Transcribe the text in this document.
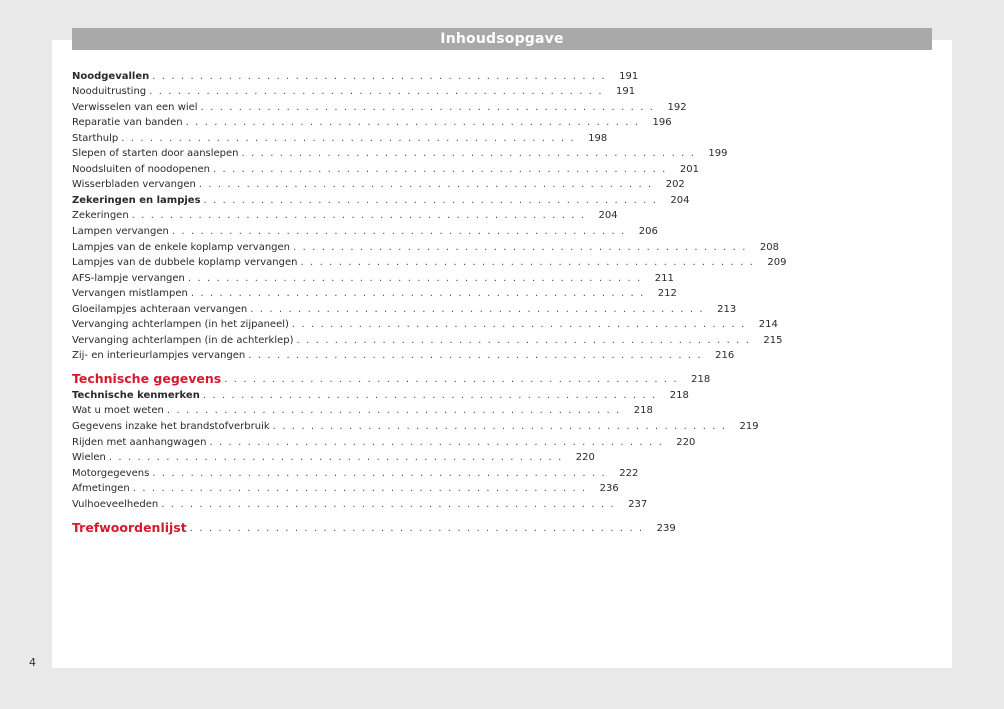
Inhoudsopgave
Noodgevallen . . . . . . . . . . . . . . . . . . . . . . . . . . . . . . . . . . . . . . . . . . . . . . . .	191
Nooduitrusting . . . . . . . . . . . . . . . . . . . . . . . . . . . . . . . . . . . . . . . . . . . . . . . .	191
Verwisselen van een wiel . . . . . . . . . . . . . . . . . . . . . . . . . . . . . . . . . . . . . . . . . . . . . . . .	192
Reparatie van banden . . . . . . . . . . . . . . . . . . . . . . . . . . . . . . . . . . . . . . . . . . . . . . . .	196
Starthulp . . . . . . . . . . . . . . . . . . . . . . . . . . . . . . . . . . . . . . . . . . . . . . . .	198
Slepen of starten door aanslepen . . . . . . . . . . . . . . . . . . . . . . . . . . . . . . . . . . . . . . . . . . . . . . . .	199
Noodsluiten of noodopenen . . . . . . . . . . . . . . . . . . . . . . . . . . . . . . . . . . . . . . . . . . . . . . . .	201
Wisserbladen vervangen . . . . . . . . . . . . . . . . . . . . . . . . . . . . . . . . . . . . . . . . . . . . . . . .	202
Zekeringen en lampjes . . . . . . . . . . . . . . . . . . . . . . . . . . . . . . . . . . . . . . . . . . . . . . . .	204
Zekeringen . . . . . . . . . . . . . . . . . . . . . . . . . . . . . . . . . . . . . . . . . . . . . . . .	204
Lampen vervangen . . . . . . . . . . . . . . . . . . . . . . . . . . . . . . . . . . . . . . . . . . . . . . . .	206
Lampjes van de enkele koplamp vervangen . . . . . . . . . . . . . . . . . . . . . . . . . . . . . . . . . . . . . . . . . . . . . . . .	208
Lampjes van de dubbele koplamp vervangen . . . . . . . . . . . . . . . . . . . . . . . . . . . . . . . . . . . . . . . . . . . . . . . .	209
AFS-lampje vervangen . . . . . . . . . . . . . . . . . . . . . . . . . . . . . . . . . . . . . . . . . . . . . . . .	211
Vervangen mistlampen . . . . . . . . . . . . . . . . . . . . . . . . . . . . . . . . . . . . . . . . . . . . . . . .	212
Gloeilampjes achteraan vervangen . . . . . . . . . . . . . . . . . . . . . . . . . . . . . . . . . . . . . . . . . . . . . . . .	213
Vervanging achterlampen (in het zijpaneel) . . . . . . . . . . . . . . . . . . . . . . . . . . . . . . . . . . . . . . . . . . . . . . . .	214
Vervanging achterlampen (in de achterklep) . . . . . . . . . . . . . . . . . . . . . . . . . . . . . . . . . . . . . . . . . . . . . . . .	215
Zij- en interieurlampjes vervangen . . . . . . . . . . . . . . . . . . . . . . . . . . . . . . . . . . . . . . . . . . . . . . . .	216
Technische gegevens . . . . . . . . . . . . . . . . . . . . . . . . . . . . . . . . . . . . . . . . . . . . . . . .	218
Technische kenmerken . . . . . . . . . . . . . . . . . . . . . . . . . . . . . . . . . . . . . . . . . . . . . . . .	218
Wat u moet weten . . . . . . . . . . . . . . . . . . . . . . . . . . . . . . . . . . . . . . . . . . . . . . . .	218
Gegevens inzake het brandstofverbruik . . . . . . . . . . . . . . . . . . . . . . . . . . . . . . . . . . . . . . . . . . . . . . . .	219
Rijden met aanhangwagen . . . . . . . . . . . . . . . . . . . . . . . . . . . . . . . . . . . . . . . . . . . . . . . .	220
Wielen . . . . . . . . . . . . . . . . . . . . . . . . . . . . . . . . . . . . . . . . . . . . . . . .	220
Motorgegevens . . . . . . . . . . . . . . . . . . . . . . . . . . . . . . . . . . . . . . . . . . . . . . . .	222
Afmetingen . . . . . . . . . . . . . . . . . . . . . . . . . . . . . . . . . . . . . . . . . . . . . . . .	236
Vulhoeveelheden . . . . . . . . . . . . . . . . . . . . . . . . . . . . . . . . . . . . . . . . . . . . . . . .	237
Trefwoordenlijst . . . . . . . . . . . . . . . . . . . . . . . . . . . . . . . . . . . . . . . . . . . . . . . .	239
4
